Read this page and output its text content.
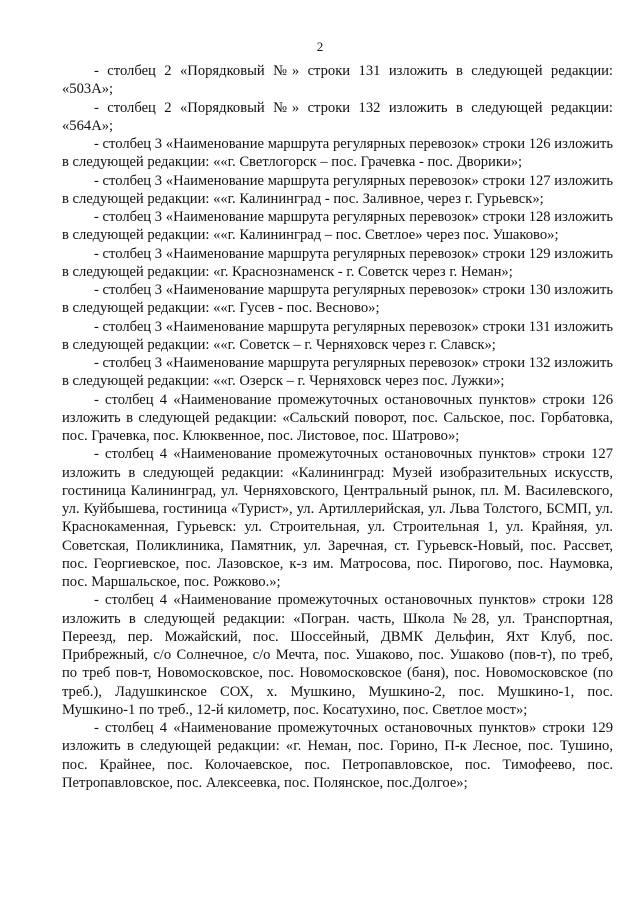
2

- столбец 2 «Порядковый №» строки 131 изложить в следующей редакции: «503А»;

- столбец 2 «Порядковый №» строки 132 изложить в следующей редакции: «564А»;

- столбец 3 «Наименование маршрута регулярных перевозок» строки 126 изложить в следующей редакции: ««г. Светлогорск – пос. Грачевка - пос. Дворики»;

- столбец 3 «Наименование маршрута регулярных перевозок» строки 127 изложить в следующей редакции: ««г. Калининград - пос. Заливное, через г. Гурьевск»;

- столбец 3 «Наименование маршрута регулярных перевозок» строки 128 изложить в следующей редакции: ««г. Калининград – пос. Светлое» через пос. Ушаково»;

- столбец 3 «Наименование маршрута регулярных перевозок» строки 129 изложить в следующей редакции: «г. Краснознаменск - г. Советск через г. Неман»;

- столбец 3 «Наименование маршрута регулярных перевозок» строки 130 изложить в следующей редакции: ««г. Гусев - пос. Весново»;

- столбец 3 «Наименование маршрута регулярных перевозок» строки 131 изложить в следующей редакции: ««г. Советск – г. Черняховск через г. Славск»;

- столбец 3 «Наименование маршрута регулярных перевозок» строки 132 изложить в следующей редакции: ««г. Озерск – г. Черняховск через пос. Лужки»;

- столбец 4 «Наименование промежуточных остановочных пунктов» строки 126 изложить в следующей редакции: «Сальский поворот, пос. Сальское, пос. Горбатовка, пос. Грачевка, пос. Клюквенное, пос. Листовое, пос. Шатрово»;

- столбец 4 «Наименование промежуточных остановочных пунктов» строки 127 изложить в следующей редакции: «Калининград: Музей изобразительных искусств, гостиница Калининград, ул. Черняховского, Центральный рынок, пл. М. Василевского, ул. Куйбышева, гостиница «Турист», ул. Артиллерийская, ул. Льва Толстого, БСМП, ул. Краснокаменная, Гурьевск: ул. Строительная, ул. Строительная 1, ул. Крайняя, ул. Советская, Поликлиника, Памятник, ул. Заречная, ст. Гурьевск-Новый, пос. Рассвет, пос. Георгиевское, пос. Лазовское, к-з им. Матросова, пос. Пирогово, пос. Наумовка, пос. Маршальское, пос. Рожково.»;

- столбец 4 «Наименование промежуточных остановочных пунктов» строки 128 изложить в следующей редакции: «Погран. часть, Школа №28, ул. Транспортная, Переезд, пер. Можайский, пос. Шоссейный, ДВМК Дельфин, Яхт Клуб, пос. Прибрежный, с/о Солнечное, с/о Мечта, пос. Ушаково, пос. Ушаково (пов-т), по треб, по треб пов-т, Новомосковское, пос. Новомосковское (баня), пос. Новомосковское (по треб.), Ладушкинское СОХ, х. Мушкино, Мушкино-2, пос. Мушкино-1, пос. Мушкино-1 по треб., 12-й километр, пос. Косатухино, пос. Светлое мост»;

- столбец 4 «Наименование промежуточных остановочных пунктов» строки 129 изложить в следующей редакции: «г. Неман, пос. Горино, П-к Лесное, пос. Тушино, пос. Крайнее, пос. Колочаевское, пос. Петропавловское, пос. Тимофеево, пос. Петропавловское, пос. Алексеевка, пос. Полянское, пос.Долгое»;
